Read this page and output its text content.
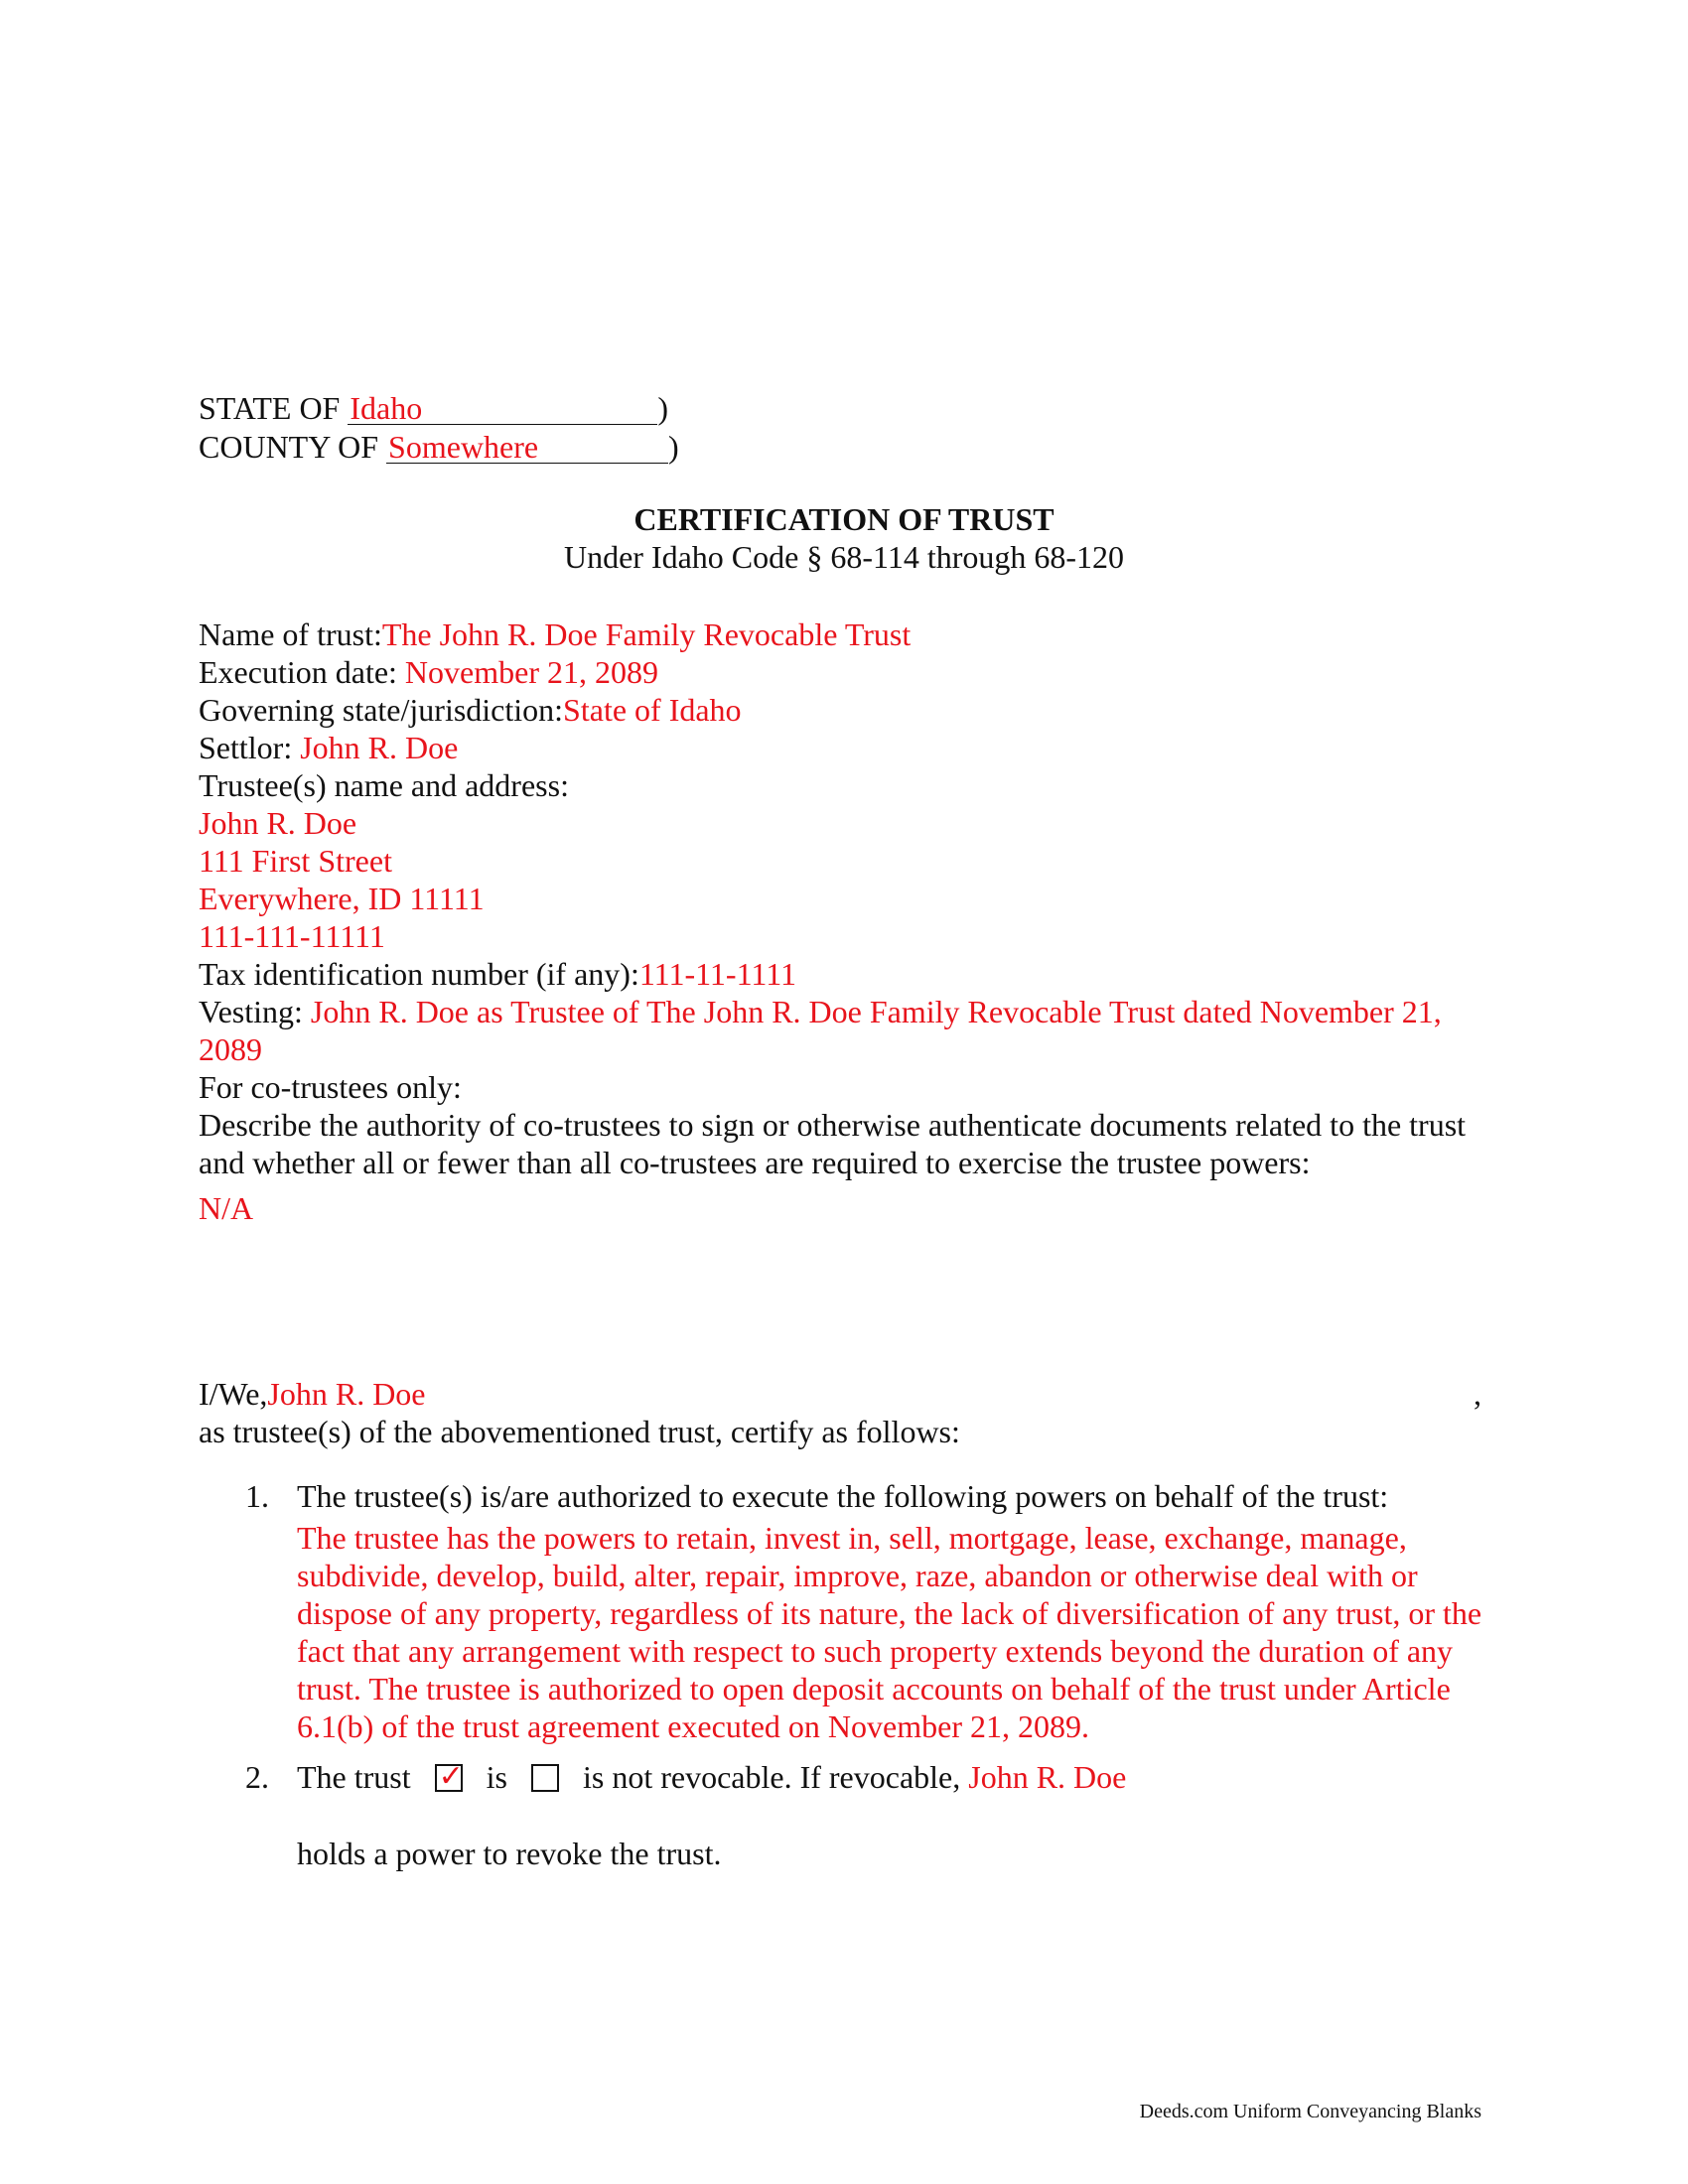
STATE OF Idaho	)
COUNTY OF Somewhere	)
CERTIFICATION OF TRUST
Under Idaho Code § 68-114 through 68-120
Name of trust:The John R. Doe Family Revocable Trust
Execution date: November 21, 2089
Governing state/jurisdiction:State of Idaho
Settlor: John R. Doe
Trustee(s) name and address:
John R. Doe
111 First Street
Everywhere, ID 11111
111-111-11111
Tax identification number (if any):111-11-1111
Vesting: John R. Doe as Trustee of The John R. Doe Family Revocable Trust dated November 21, 2089
For co-trustees only:
Describe the authority of co-trustees to sign or otherwise authenticate documents related to the trust and whether all or fewer than all co-trustees are required to exercise the trustee powers:
N/A
I/We,John R. Doe	,
as trustee(s) of the abovementioned trust, certify as follows:
1. The trustee(s) is/are authorized to execute the following powers on behalf of the trust:
The trustee has the powers to retain, invest in, sell, mortgage, lease, exchange, manage, subdivide, develop, build, alter, repair, improve, raze, abandon or otherwise deal with or dispose of any property, regardless of its nature, the lack of diversification of any trust, or the fact that any arrangement with respect to such property extends beyond the duration of any trust. The trustee is authorized to open deposit accounts on behalf of the trust under Article 6.1(b) of the trust agreement executed on November 21, 2089.
2. The trust ✓ is is not revocable. If revocable, John R. Doe
holds a power to revoke the trust.
Deeds.com Uniform Conveyancing Blanks
